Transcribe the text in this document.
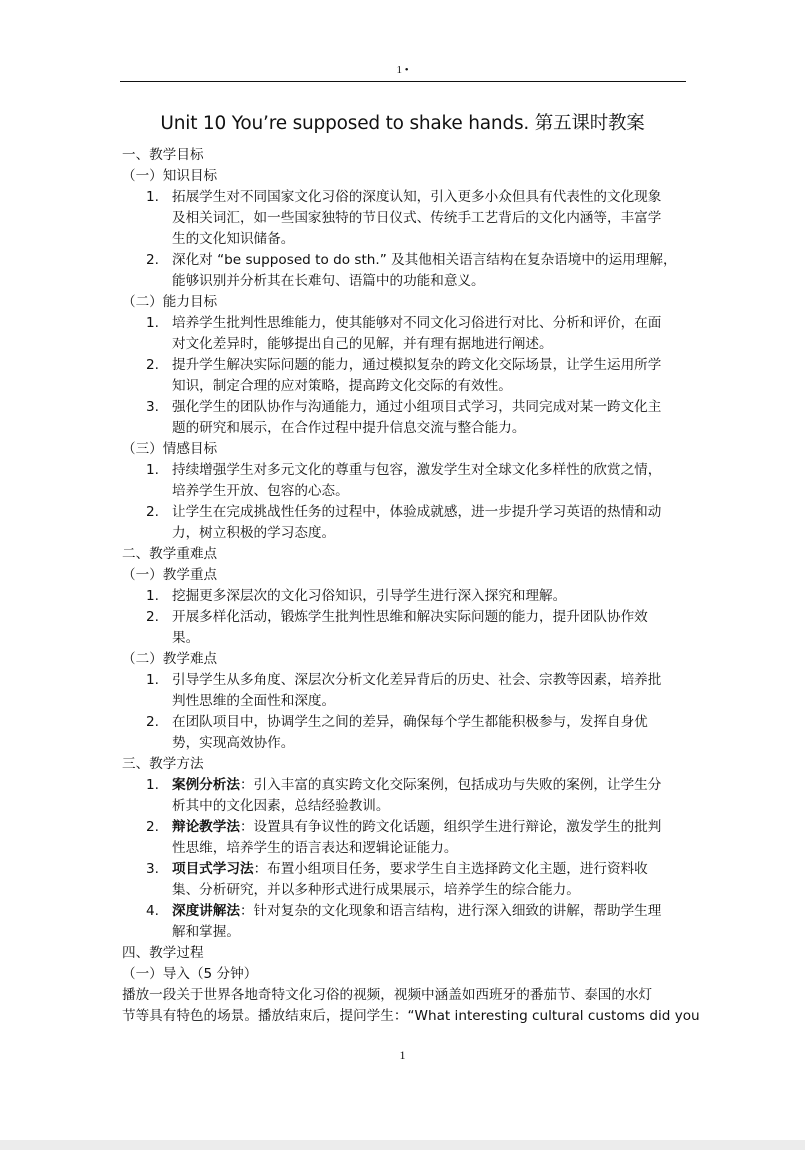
1 •
Unit 10 You’re supposed to shake hands. 第五课时教案
一、教学目标
（一）知识目标
1. 拓展学生对不同国家文化习俗的深度认知，引入更多小众但具有代表性的文化现象
及相关词汇，如一些国家独特的节日仪式、传统手工艺背后的文化内涵等，丰富学
生的文化知识储备。
2. 深化对 “be supposed to do sth.” 及其他相关语言结构在复杂语境中的运用理解，
能够识别并分析其在长难句、语篇中的功能和意义。
（二）能力目标
1. 培养学生批判性思维能力，使其能够对不同文化习俗进行对比、分析和评价，在面
对文化差异时，能够提出自己的见解，并有理有据地进行阐述。
2. 提升学生解决实际问题的能力，通过模拟复杂的跨文化交际场景，让学生运用所学
知识，制定合理的应对策略，提高跨文化交际的有效性。
3. 强化学生的团队协作与沟通能力，通过小组项目式学习，共同完成对某一跨文化主
题的研究和展示，在合作过程中提升信息交流与整合能力。
（三）情感目标
1. 持续增强学生对多元文化的尊重与包容，激发学生对全球文化多样性的欣赏之情，
培养学生开放、包容的心态。
2. 让学生在完成挑战性任务的过程中，体验成就感，进一步提升学习英语的热情和动
力，树立积极的学习态度。
二、教学重难点
（一）教学重点
1. 挖掘更多深层次的文化习俗知识，引导学生进行深入探究和理解。
2. 开展多样化活动，锻炼学生批判性思维和解决实际问题的能力，提升团队协作效
果。
（二）教学难点
1. 引导学生从多角度、深层次分析文化差异背后的历史、社会、宗教等因素，培养批
判性思维的全面性和深度。
2. 在团队项目中，协调学生之间的差异，确保每个学生都能积极参与，发挥自身优
势，实现高效协作。
三、教学方法
1. 案例分析法：引入丰富的真实跨文化交际案例，包括成功与失败的案例，让学生分
析其中的文化因素，总结经验教训。
2. 辩论教学法：设置具有争议性的跨文化话题，组织学生进行辩论，激发学生的批判
性思维，培养学生的语言表达和逻辑论证能力。
3. 项目式学习法：布置小组项目任务，要求学生自主选择跨文化主题，进行资料收
集、分析研究，并以多种形式进行成果展示，培养学生的综合能力。
4. 深度讲解法：针对复杂的文化现象和语言结构，进行深入细致的讲解，帮助学生理
解和掌握。
四、教学过程
（一）导入（5 分钟）
播放一段关于世界各地奇特文化习俗的视频，视频中涵盖如西班牙的番茄节、泰国的水灯
节等具有特色的场景。播放结束后，提问学生：“What interesting cultural customs did you
1
